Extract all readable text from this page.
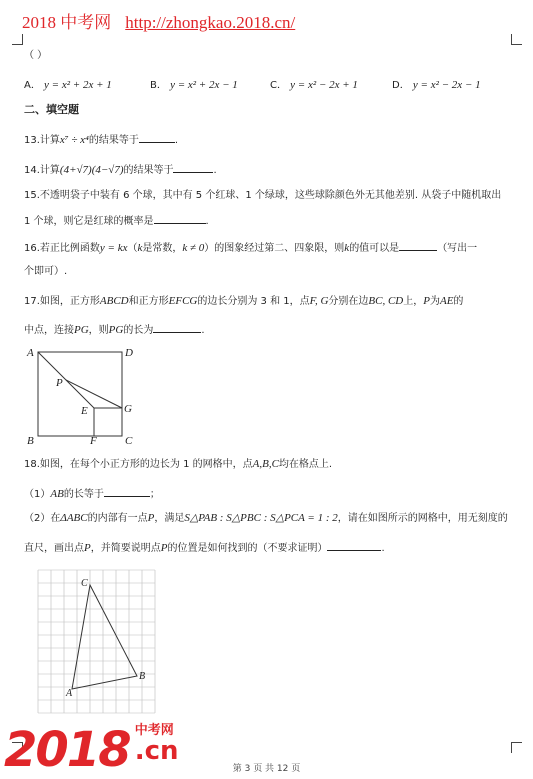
2018 中考网 http://zhongkao.2018.cn/
（ ）
A． y = x² + 2x + 1	B． y = x² + 2x − 1	C． y = x² − 2x + 1	D． y = x² − 2x − 1
二、填空题
13.计算x⁷ ÷ x⁴的结果等于	.
14.计算(4+√7)(4−√7)的结果等于	.
15.不透明袋子中装有 6 个球，其中有 5 个红球、1 个绿球，这些球除颜色外无其他差别. 从袋子中随机取出
1 个球，则它是红球的概率是	.
16.若正比例函数y = kx（k是常数，k ≠ 0）的图象经过第二、四象限，则k的值可以是	（写出一
个即可）.
17.如图，正方形ABCD和正方形EFCG的边长分别为 3 和 1，点F, G分别在边BC, CD上，P为AE的
中点，连接PG，则PG的长为	.
A	D
B	C
E
F
G
P
18.如图，在每个小正方形的边长为 1 的网格中，点A,B,C均在格点上.
（1）AB的长等于	；
（2）在ΔABC的内部有一点P，满足S△PAB : S△PBC : S△PCA = 1 : 2，请在如图所示的网格中，用无刻度的
直尺，画出点P，并简要说明点P的位置是如何找到的（不要求证明）	.
A
B
C
2018 中考网
.cn
第 3 页 共 12 页
